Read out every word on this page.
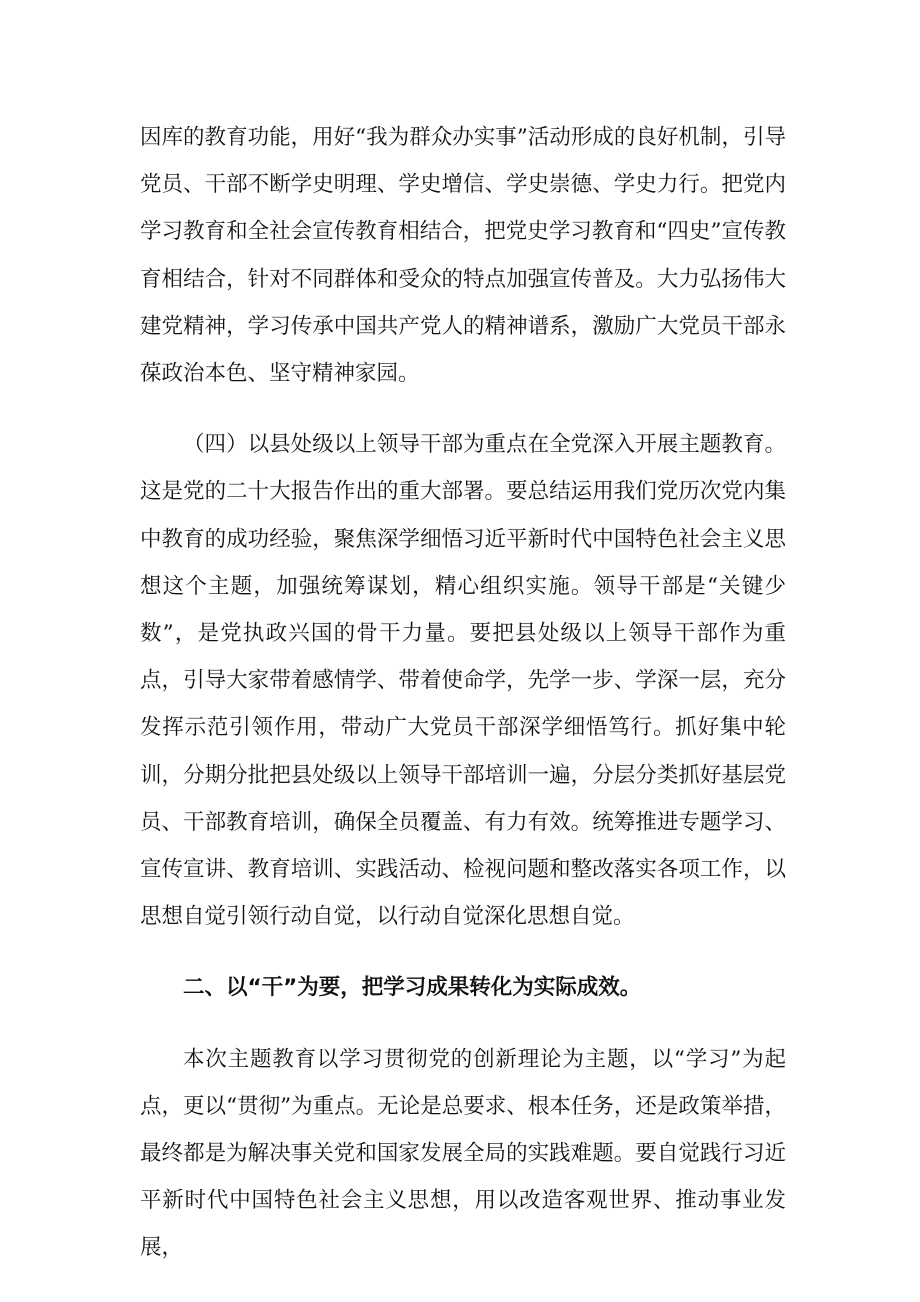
因库的教育功能，用好“我为群众办实事”活动形成的良好机制，引导党员、干部不断学史明理、学史增信、学史崇德、学史力行。把党内学习教育和全社会宣传教育相结合，把党史学习教育和“四史”宣传教育相结合，针对不同群体和受众的特点加强宣传普及。大力弘扬伟大建党精神，学习传承中国共产党人的精神谱系，激励广大党员干部永葆政治本色、坚守精神家园。

（四）以县处级以上领导干部为重点在全党深入开展主题教育。这是党的二十大报告作出的重大部署。要总结运用我们党历次党内集中教育的成功经验，聚焦深学细悟习近平新时代中国特色社会主义思想这个主题，加强统筹谋划，精心组织实施。领导干部是“关键少数”，是党执政兴国的骨干力量。要把县处级以上领导干部作为重点，引导大家带着感情学、带着使命学，先学一步、学深一层，充分发挥示范引领作用，带动广大党员干部深学细悟笃行。抓好集中轮训，分期分批把县处级以上领导干部培训一遍，分层分类抓好基层党员、干部教育培训，确保全员覆盖、有力有效。统筹推进专题学习、宣传宣讲、教育培训、实践活动、检视问题和整改落实各项工作，以思想自觉引领行动自觉，以行动自觉深化思想自觉。

二、以“干”为要，把学习成果转化为实际成效。

本次主题教育以学习贯彻党的创新理论为主题，以“学习”为起点，更以“贯彻”为重点。无论是总要求、根本任务，还是政策举措，最终都是为解决事关党和国家发展全局的实践难题。要自觉践行习近平新时代中国特色社会主义思想，用以改造客观世界、推动事业发展，
